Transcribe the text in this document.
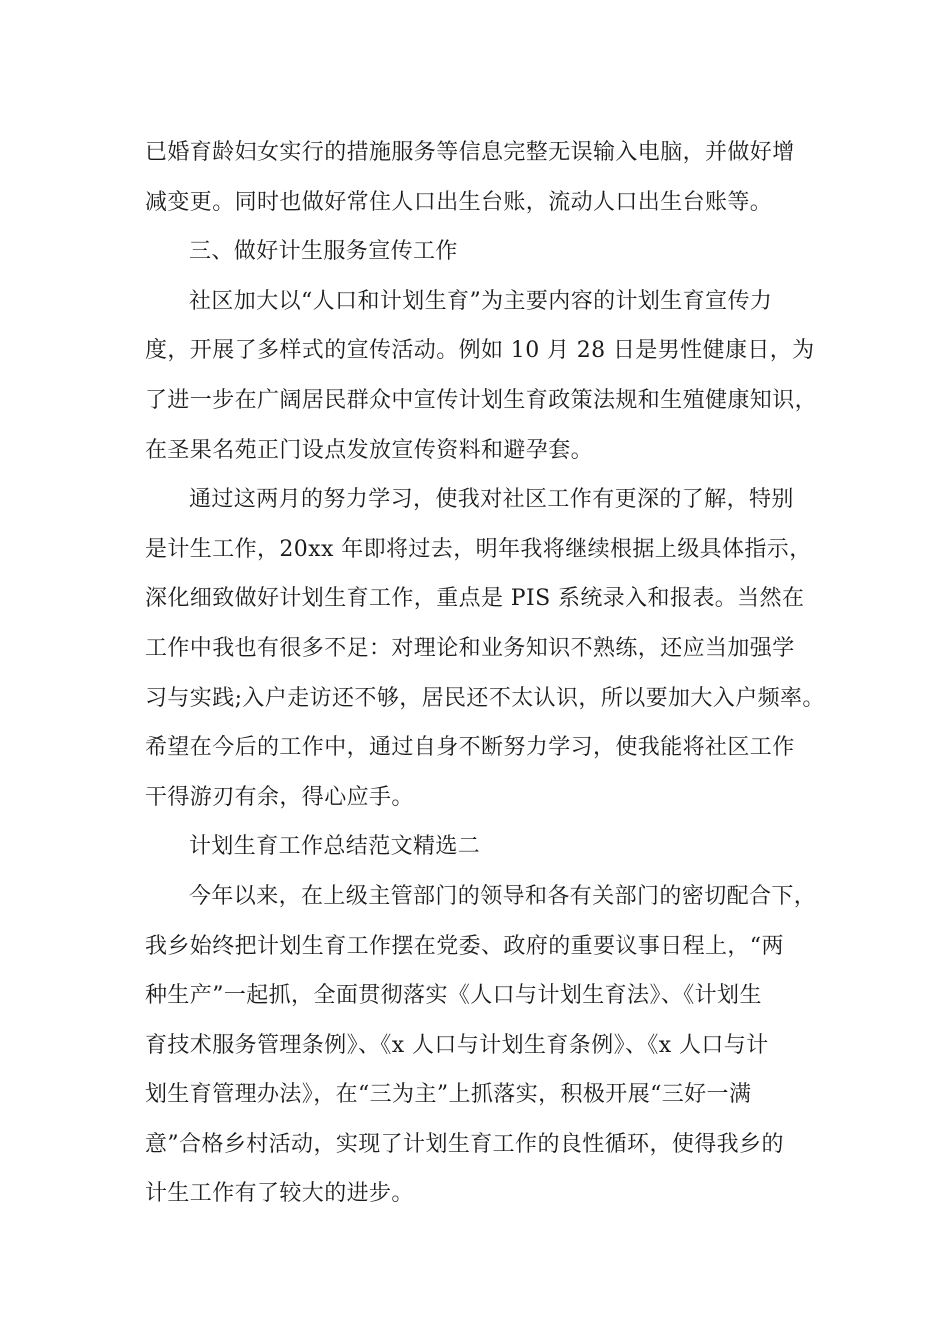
已婚育龄妇女实行的措施服务等信息完整无误输入电脑，并做好增
减变更。同时也做好常住人口出生台账，流动人口出生台账等。
三、做好计生服务宣传工作
社区加大以“人口和计划生育”为主要内容的计划生育宣传力
度，开展了多样式的宣传活动。例如 10 月 28 日是男性健康日，为
了进一步在广阔居民群众中宣传计划生育政策法规和生殖健康知识，
在圣果名苑正门设点发放宣传资料和避孕套。
通过这两月的努力学习，使我对社区工作有更深的了解，特别
是计生工作，20xx 年即将过去，明年我将继续根据上级具体指示，
深化细致做好计划生育工作，重点是 PIS 系统录入和报表。当然在
工作中我也有很多不足：对理论和业务知识不熟练，还应当加强学
习与实践;入户走访还不够，居民还不太认识，所以要加大入户频率。
希望在今后的工作中，通过自身不断努力学习，使我能将社区工作
干得游刃有余，得心应手。
计划生育工作总结范文精选二
今年以来，在上级主管部门的领导和各有关部门的密切配合下，
我乡始终把计划生育工作摆在党委、政府的重要议事日程上，“两
种生产”一起抓，全面贯彻落实《人口与计划生育法》、《计划生
育技术服务管理条例》、《x 人口与计划生育条例》、《x 人口与计
划生育管理办法》，在“三为主”上抓落实，积极开展“三好一满
意”合格乡村活动，实现了计划生育工作的良性循环，使得我乡的
计生工作有了较大的进步。
